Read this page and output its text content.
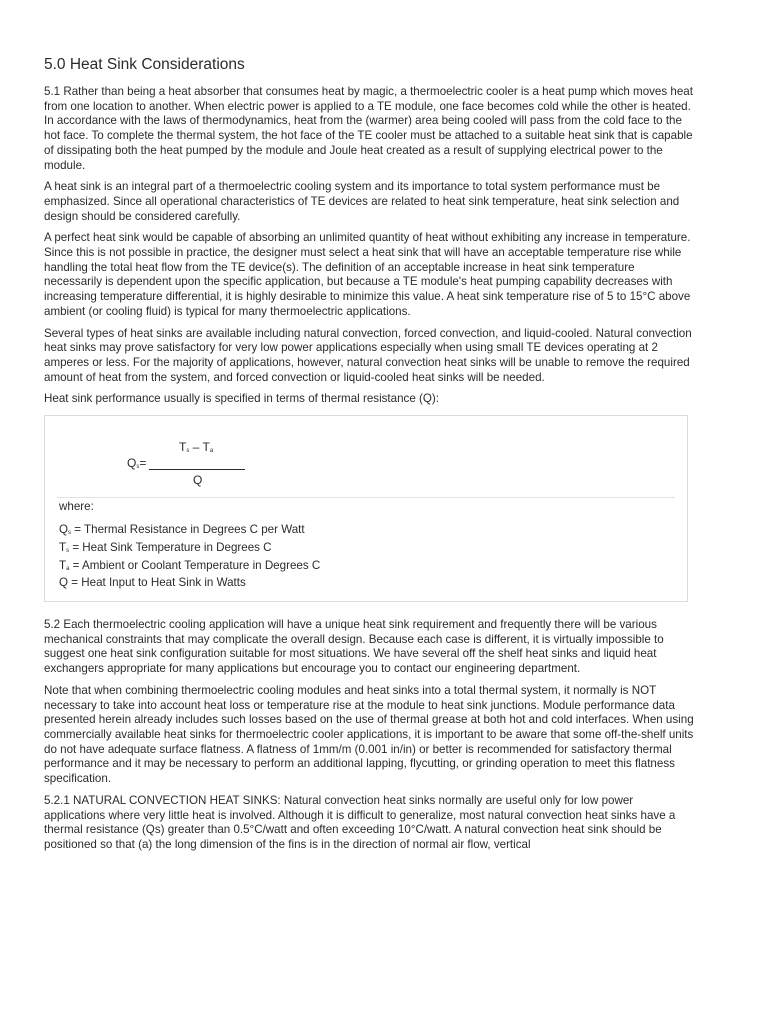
5.0 Heat Sink Considerations

5.1 Rather than being a heat absorber that consumes heat by magic, a thermoelectric cooler is a heat pump which moves heat from one location to another. When electric power is applied to a TE module, one face becomes cold while the other is heated. In accordance with the laws of thermodynamics, heat from the (warmer) area being cooled will pass from the cold face to the hot face. To complete the thermal system, the hot face of the TE cooler must be attached to a suitable heat sink that is capable of dissipating both the heat pumped by the module and Joule heat created as a result of supplying electrical power to the module.

A heat sink is an integral part of a thermoelectric cooling system and its importance to total system performance must be emphasized. Since all operational characteristics of TE devices are related to heat sink temperature, heat sink selection and design should be considered carefully.

A perfect heat sink would be capable of absorbing an unlimited quantity of heat without exhibiting any increase in temperature. Since this is not possible in practice, the designer must select a heat sink that will have an acceptable temperature rise while handling the total heat flow from the TE device(s). The definition of an acceptable increase in heat sink temperature necessarily is dependent upon the specific application, but because a TE module's heat pumping capability decreases with increasing temperature differential, it is highly desirable to minimize this value. A heat sink temperature rise of 5 to 15°C above ambient (or cooling fluid) is typical for many thermoelectric applications.

Several types of heat sinks are available including natural convection, forced convection, and liquid-cooled. Natural convection heat sinks may prove satisfactory for very low power applications especially when using small TE devices operating at 2 amperes or less. For the majority of applications, however, natural convection heat sinks will be unable to remove the required amount of heat from the system, and forced convection or liquid-cooled heat sinks will be needed.

Heat sink performance usually is specified in terms of thermal resistance (Q):

$T_s - T_a$
$Q_s=$
Q
where:
$Q_s$ = Thermal Resistance in Degrees C per Watt
$T_s$ = Heat Sink Temperature in Degrees C
$T_a$ = Ambient or Coolant Temperature in Degrees C
Q = Heat Input to Heat Sink in Watts

5.2 Each thermoelectric cooling application will have a unique heat sink requirement and frequently there will be various mechanical constraints that may complicate the overall design. Because each case is different, it is virtually impossible to suggest one heat sink configuration suitable for most situations. We have several off the shelf heat sinks and liquid heat exchangers appropriate for many applications but encourage you to contact our engineering department.

Note that when combining thermoelectric cooling modules and heat sinks into a total thermal system, it normally is NOT necessary to take into account heat loss or temperature rise at the module to heat sink junctions. Module performance data presented herein already includes such losses based on the use of thermal grease at both hot and cold interfaces. When using commercially available heat sinks for thermoelectric cooler applications, it is important to be aware that some off-the-shelf units do not have adequate surface flatness. A flatness of 1mm/m (0.001 in/in) or better is recommended for satisfactory thermal performance and it may be necessary to perform an additional lapping, flycutting, or grinding operation to meet this flatness specification.

5.2.1 NATURAL CONVECTION HEAT SINKS: Natural convection heat sinks normally are useful only for low power applications where very little heat is involved. Although it is difficult to generalize, most natural convection heat sinks have a thermal resistance (Qs) greater than 0.5°C/watt and often exceeding 10°C/watt. A natural convection heat sink should be positioned so that (a) the long dimension of the fins is in the direction of normal air flow, vertical
